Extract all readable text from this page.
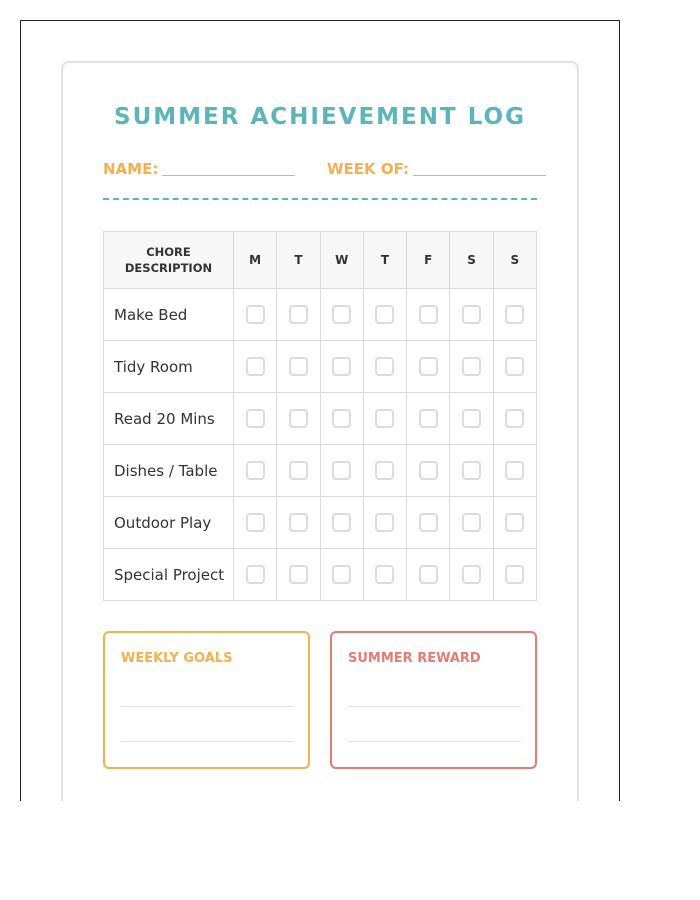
SUMMER ACHIEVEMENT LOG
NAME:	WEEK OF:
CHORE
DESCRIPTION	M	T	W	T	F	S	S
Make Bed							
Tidy Room							
Read 20 Mins							
Dishes / Table							
Outdoor Play							
Special Project							
WEEKLY GOALS	SUMMER REWARD
